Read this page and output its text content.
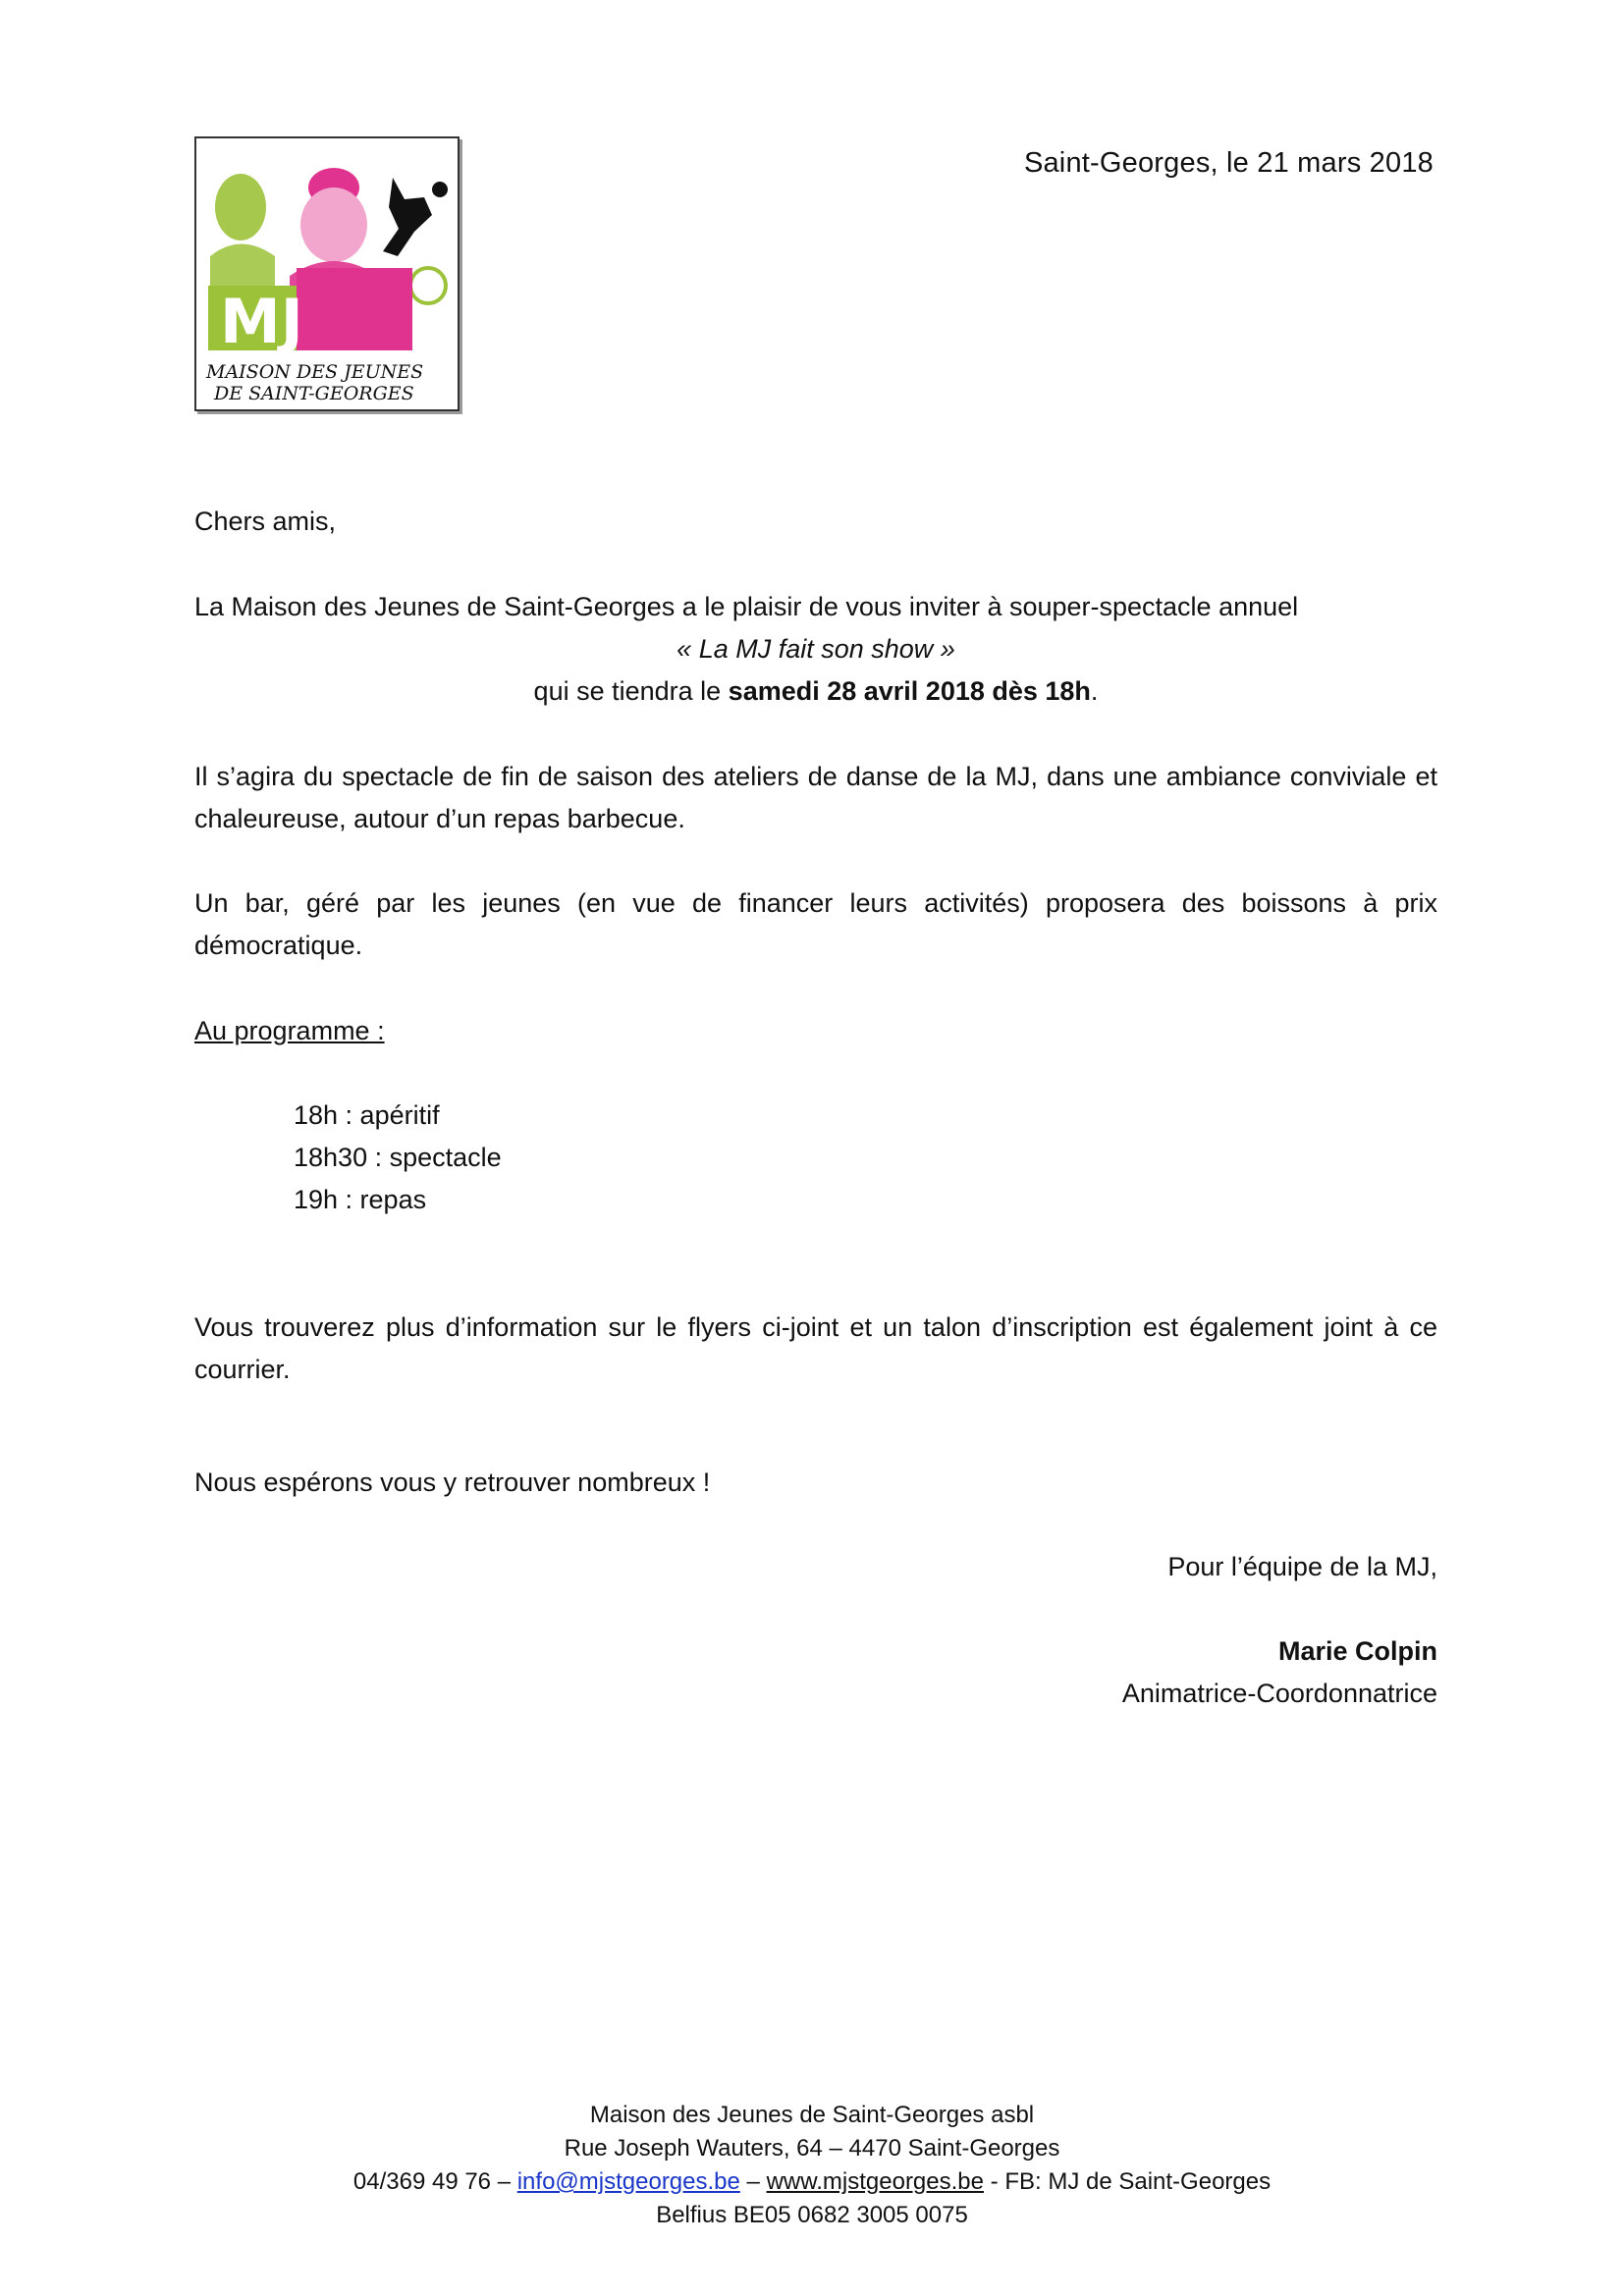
MJ
MAISON DES JEUNES
DE SAINT-GEORGES
Saint-Georges, le 21 mars 2018
Chers amis,
La Maison des Jeunes de Saint-Georges a le plaisir de vous inviter à souper-spectacle annuel
« La MJ fait son show »
qui se tiendra le samedi 28 avril 2018 dès 18h.
Il s’agira du spectacle de fin de saison des ateliers de danse de la MJ, dans une ambiance conviviale et chaleureuse, autour d’un repas barbecue.
Un bar, géré par les jeunes (en vue de financer leurs activités) proposera des boissons à prix démocratique.
Au programme :
18h : apéritif
18h30 : spectacle
19h : repas
Vous trouverez plus d’information sur le flyers ci-joint et un talon d’inscription est également joint à ce courrier.
Nous espérons vous y retrouver nombreux !
Pour l’équipe de la MJ,
Marie Colpin
Animatrice-Coordonnatrice
Maison des Jeunes de Saint-Georges asbl
Rue Joseph Wauters, 64 – 4470 Saint-Georges
04/369 49 76 – info@mjstgeorges.be – www.mjstgeorges.be - FB: MJ de Saint-Georges
Belfius BE05 0682 3005 0075
